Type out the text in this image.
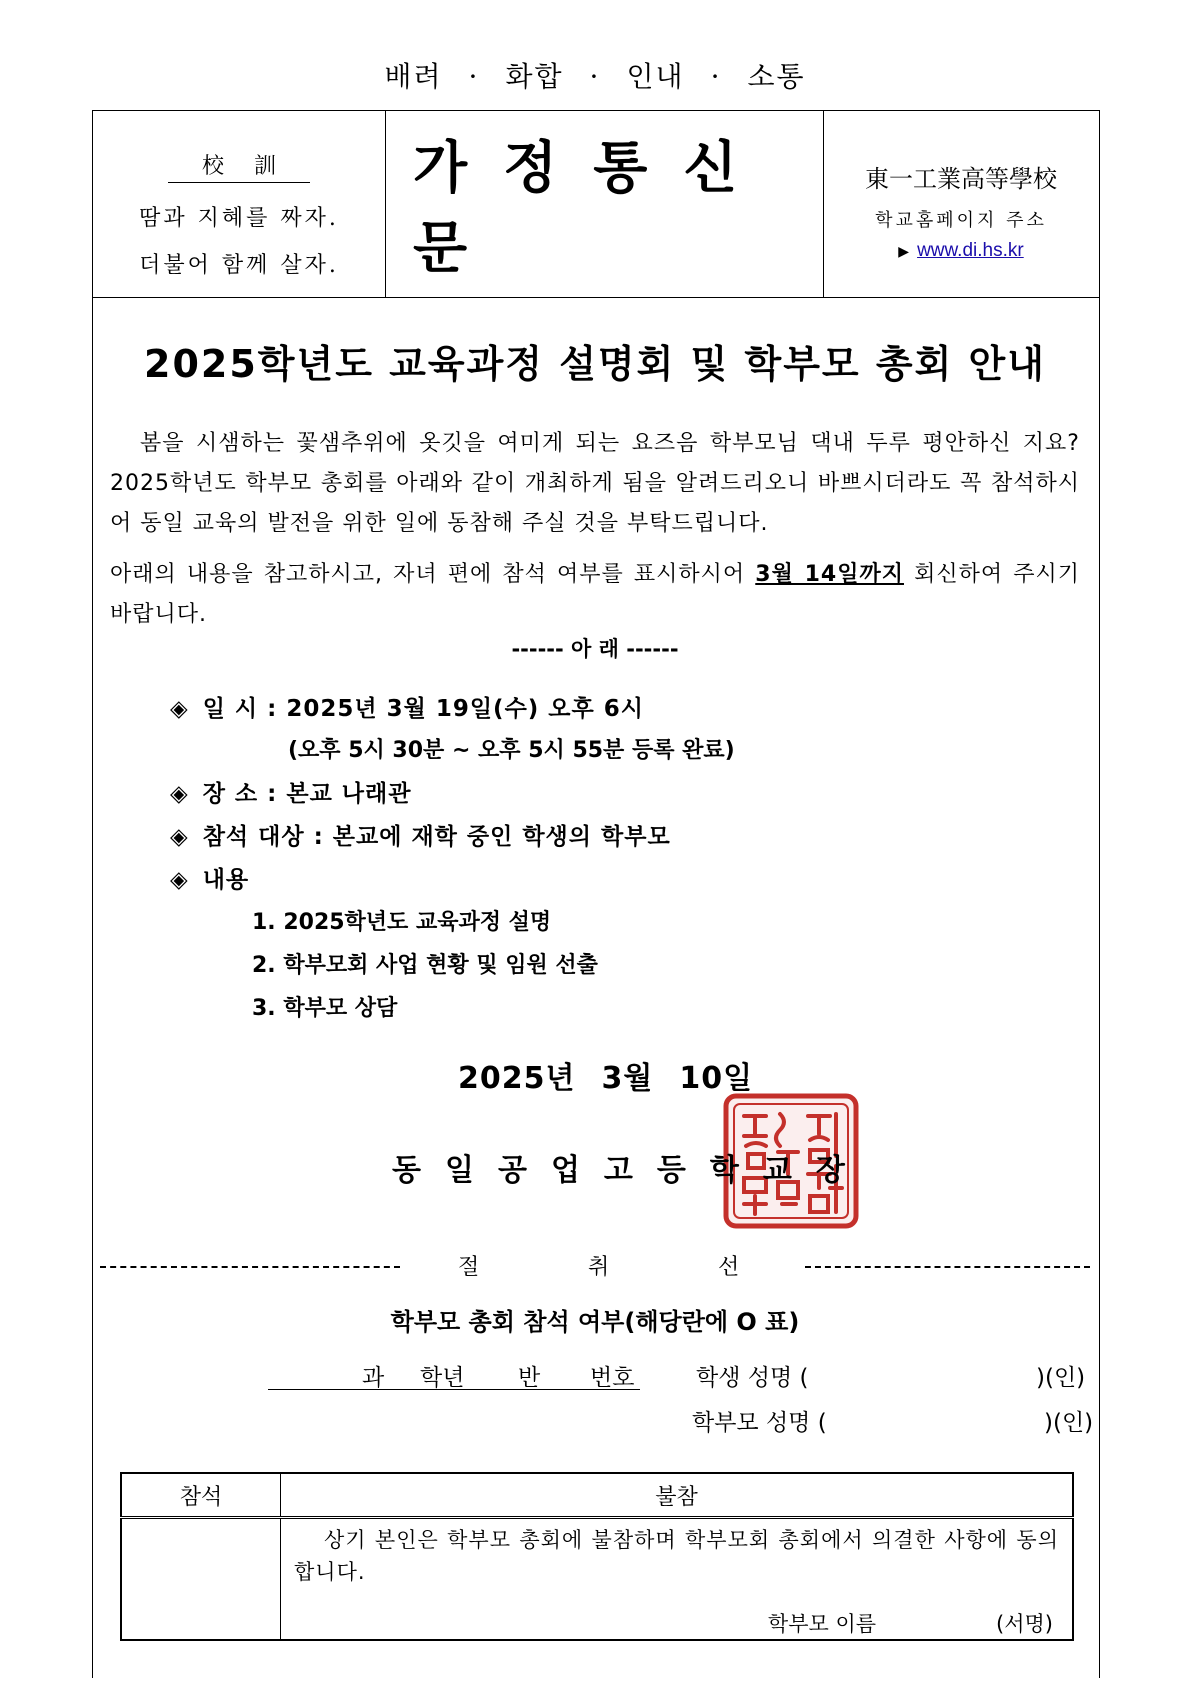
배려 · 화합 · 인내 · 소통
校訓
땀과 지혜를 짜자.
더불어 함께 살자.
가정통신문
東一工業高等學校
학교홈페이지 주소
▶ www.di.hs.kr
2025학년도 교육과정 설명회 및 학부모 총회 안내
봄을 시샘하는 꽃샘추위에 옷깃을 여미게 되는 요즈음 학부모님 댁내 두루 평안하신 지요? 2025학년도 학부모 총회를 아래와 같이 개최하게 됨을 알려드리오니 바쁘시더라도 꼭 참석하시어 동일 교육의 발전을 위한 일에 동참해 주실 것을 부탁드립니다.
아래의 내용을 참고하시고, 자녀 편에 참석 여부를 표시하시어 3월 14일까지 회신하여 주시기 바랍니다.
------ 아 래 ------
◈ 일 시 : 2025년 3월 19일(수) 오후 6시
(오후 5시 30분 ~ 오후 5시 55분 등록 완료)
◈ 장 소 : 본교 나래관
◈ 참석 대상 : 본교에 재학 중인 학생의 학부모
◈ 내용
1. 2025학년도 교육과정 설명
2. 학부모회 사업 현황 및 임원 선출
3. 학부모 상담
2025년 3월 10일
동일공업고등학교장
절	취	선
학부모 총회 참석 여부(해당란에 O 표)
과 학년 반 번호	학생 성명 (	)(인)
학부모 성명 (	)(인)
참석	불참

	상기 본인은 학부모 총회에 불참하며 학부모회 총회에서 의결한 사항에 동의합니다.
학부모 이름 (서명)
